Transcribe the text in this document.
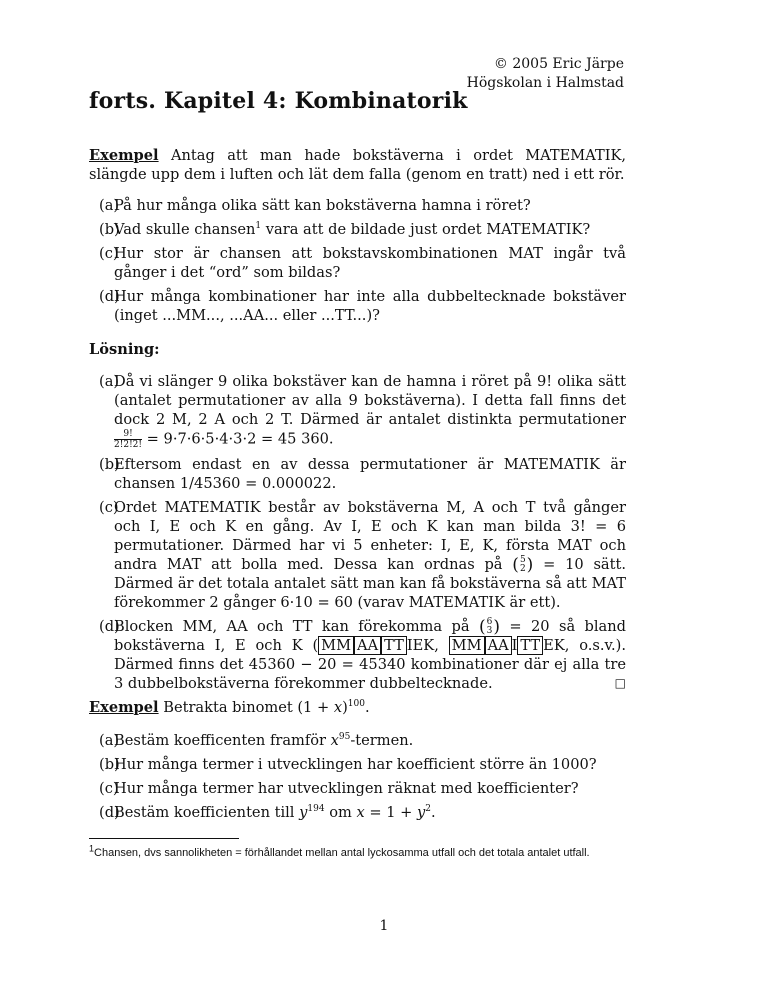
© 2005 Eric Järpe
Högskolan i Halmstad
forts. Kapitel 4: Kombinatorik
Exempel Antag att man hade bokstäverna i ordet MATEMATIK, slängde upp dem i luften och lät dem falla (genom en tratt) ned i ett rör.
(a)
På hur många olika sätt kan bokstäverna hamna i röret?
(b)
Vad skulle chansen$^1$ vara att de bildade just ordet MATEMATIK?
(c)
Hur stor är chansen att bokstavskombinationen MAT ingår två gånger i det “ord” som bildas?
(d)
Hur många kombinationer har inte alla dubbeltecknade bokstäver (inget ...MM..., ...AA... eller ...TT...)?
Lösning:
(a)
Då vi slänger 9 olika bokstäver kan de hamna i röret på 9! olika sätt (antalet permutationer av alla 9 bokstäverna). I detta fall finns det dock 2 M, 2 A och 2 T. Därmed är antalet distinkta permutationer
$\frac{9!}{2!2!2!} = 9\cdot 7\cdot 6\cdot 5\cdot 4\cdot 3\cdot 2 = 45$ 360.
(b)
Eftersom endast en av dessa permutationer är MATEMATIK är chansen 1/45360 = 0.000022.
(c)
Ordet MATEMATIK består av bokstäverna M, A och T två gånger och I, E och K en gång. Av I, E och K kan man bilda 3! = 6 permutationer. Därmed har vi 5 enheter: I, E, K, första MAT och andra MAT att bolla med. Dessa kan ordnas på ( 5
2 ) = 10 sätt. Därmed är det totala antalet sätt man kan få bokstäverna så att MAT förekommer 2 gånger 6·10 = 60 (varav MATEMATIK är ett).
(d)
Blocken MM, AA och TT kan förekomma på ( 6
3 ) = 20 så bland bokstäverna I, E och K ( MM AA TT IEK, MM AA I TT EK, o.s.v.). Därmed finns det 45360 − 20 = 45340 kombinationer där ej alla tre 3 dubbelbokstäverna förekommer dubbeltecknade.	□
Exempel Betrakta binomet $(1 + x)^{100}$.
(a)
Bestäm koefficenten framför $x^{95}$-termen.
(b)
Hur många termer i utvecklingen har koefficient större än 1000?
(c)
Hur många termer har utvecklingen räknat med koefficienter?
(d)
Bestäm koefficienten till $y^{194}$ om $x = 1 + y^2$.
$^1$Chansen, dvs sannolikheten = förhållandet mellan antal lyckosamma utfall och det totala antalet utfall.
1
